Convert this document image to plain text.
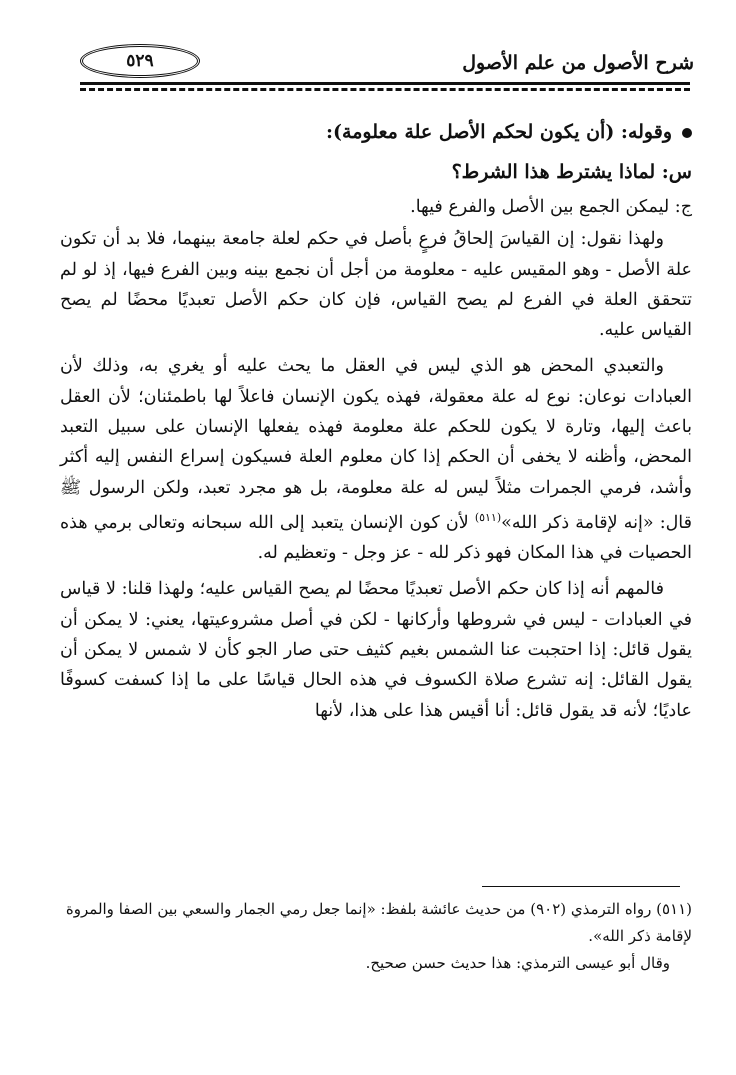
٥٢٩	شرح الأصول من علم الأصول

وقوله: (أن يكون لحكم الأصل علة معلومة):

س: لماذا يشترط هذا الشرط؟

ج: ليمكن الجمع بين الأصل والفرع فيها.

ولهذا نقول: إن القياسَ إلحاقُ فرعٍ بأصل في حكم لعلة جامعة بينهما، فلا بد أن تكون علة الأصل - وهو المقيس عليه - معلومة من أجل أن نجمع بينه وبين الفرع فيها، إذ لو لم تتحقق العلة في الفرع لم يصح القياس، فإن كان حكم الأصل تعبديًا محضًا لم يصح القياس عليه.

والتعبدي المحض هو الذي ليس في العقل ما يحث عليه أو يغري به، وذلك لأن العبادات نوعان: نوع له علة معقولة، فهذه يكون الإنسان فاعلاً لها باطمئنان؛ لأن العقل باعث إليها، وتارة لا يكون للحكم علة معلومة فهذه يفعلها الإنسان على سبيل التعبد المحض، وأظنه لا يخفى أن الحكم إذا كان معلوم العلة فسيكون إسراع النفس إليه أكثر وأشد، فرمي الجمرات مثلاً ليس له علة معلومة، بل هو مجرد تعبد، ولكن الرسول ﷺ قال: «إنه لإقامة ذكر الله»$^{(٥١١)}$ لأن كون الإنسان يتعبد إلى الله سبحانه وتعالى برمي هذه الحصيات في هذا المكان فهو ذكر لله - عز وجل - وتعظيم له.

فالمهم أنه إذا كان حكم الأصل تعبديًا محضًا لم يصح القياس عليه؛ ولهذا قلنا: لا قياس في العبادات - ليس في شروطها وأركانها - لكن في أصل مشروعيتها، يعني: لا يمكن أن يقول قائل: إذا احتجبت عنا الشمس بغيم كثيف حتى صار الجو كأن لا شمس لا يمكن أن يقول القائل: إنه تشرع صلاة الكسوف في هذه الحال قياسًا على ما إذا كسفت كسوفًا عاديًا؛ لأنه قد يقول قائل: أنا أقيس هذا على هذا، لأنها

(٥١١) رواه الترمذي (٩٠٢) من حديث عائشة بلفظ: «إنما جعل رمي الجمار والسعي بين الصفا والمروة لإقامة ذكر الله».

وقال أبو عيسى الترمذي: هذا حديث حسن صحيح.
